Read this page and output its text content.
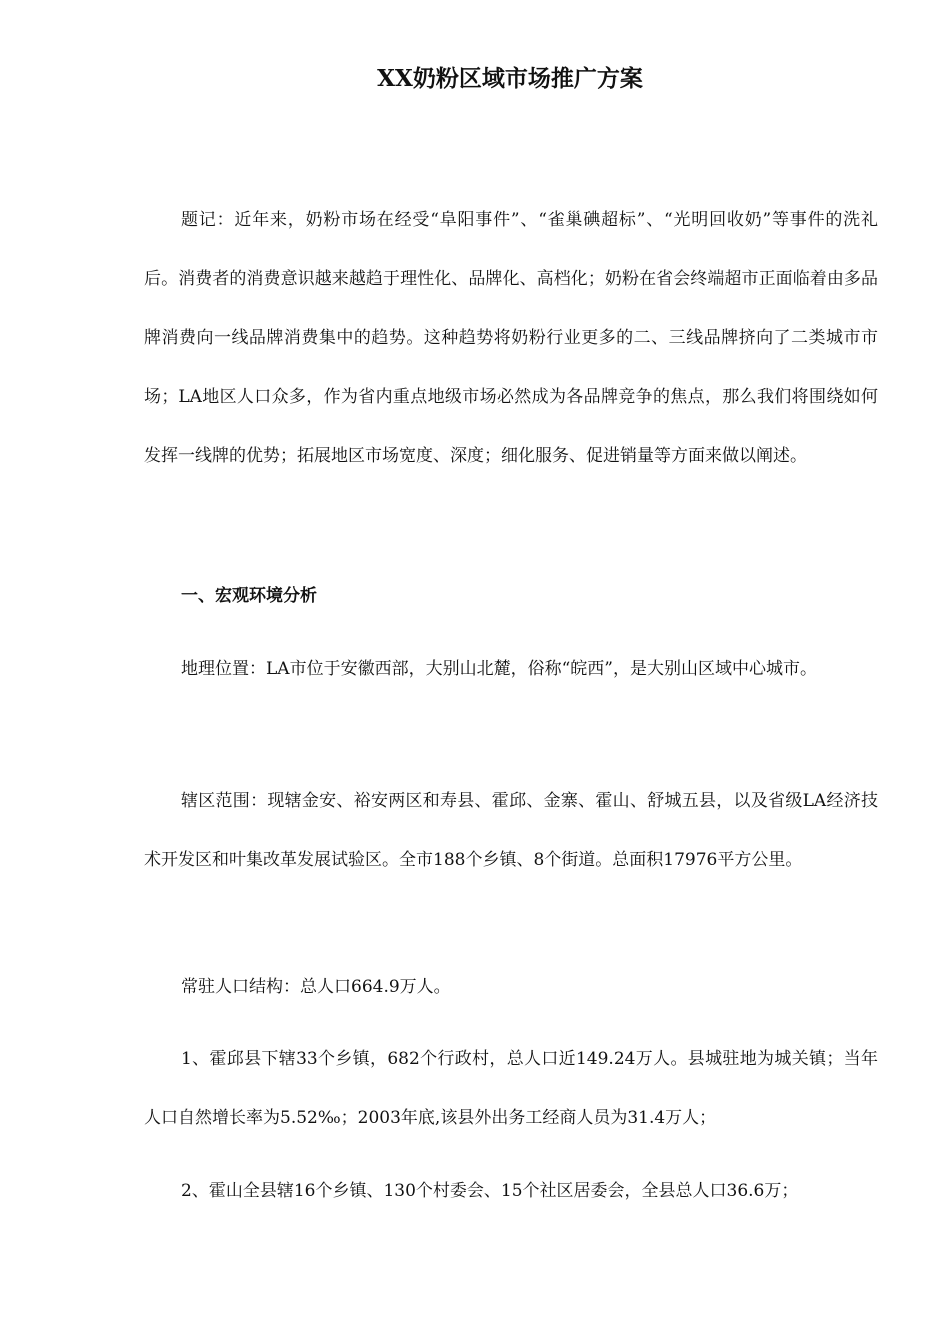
XX奶粉区域市场推广方案

题记：近年来，奶粉市场在经受“阜阳事件”、“雀巢碘超标”、“光明回收奶”等事件的洗礼后。消费者的消费意识越来越趋于理性化、品牌化、高档化；奶粉在省会终端超市正面临着由多品牌消费向一线品牌消费集中的趋势。这种趋势将奶粉行业更多的二、三线品牌挤向了二类城市市场；LA地区人口众多，作为省内重点地级市场必然成为各品牌竞争的焦点，那么我们将围绕如何发挥一线牌的优势；拓展地区市场宽度、深度；细化服务、促进销量等方面来做以阐述。

一、宏观环境分析

地理位置：LA市位于安徽西部，大别山北麓，俗称“皖西”，是大别山区域中心城市。

辖区范围：现辖金安、裕安两区和寿县、霍邱、金寨、霍山、舒城五县，以及省级LA经济技术开发区和叶集改革发展试验区。全市188个乡镇、8个街道。总面积17976平方公里。

常驻人口结构：总人口664.9万人。

1、霍邱县下辖33个乡镇，682个行政村，总人口近149.24万人。县城驻地为城关镇；当年人口自然增长率为5.52‰；2003年底,该县外出务工经商人员为31.4万人；

2、霍山全县辖16个乡镇、130个村委会、15个社区居委会，全县总人口36.6万；
